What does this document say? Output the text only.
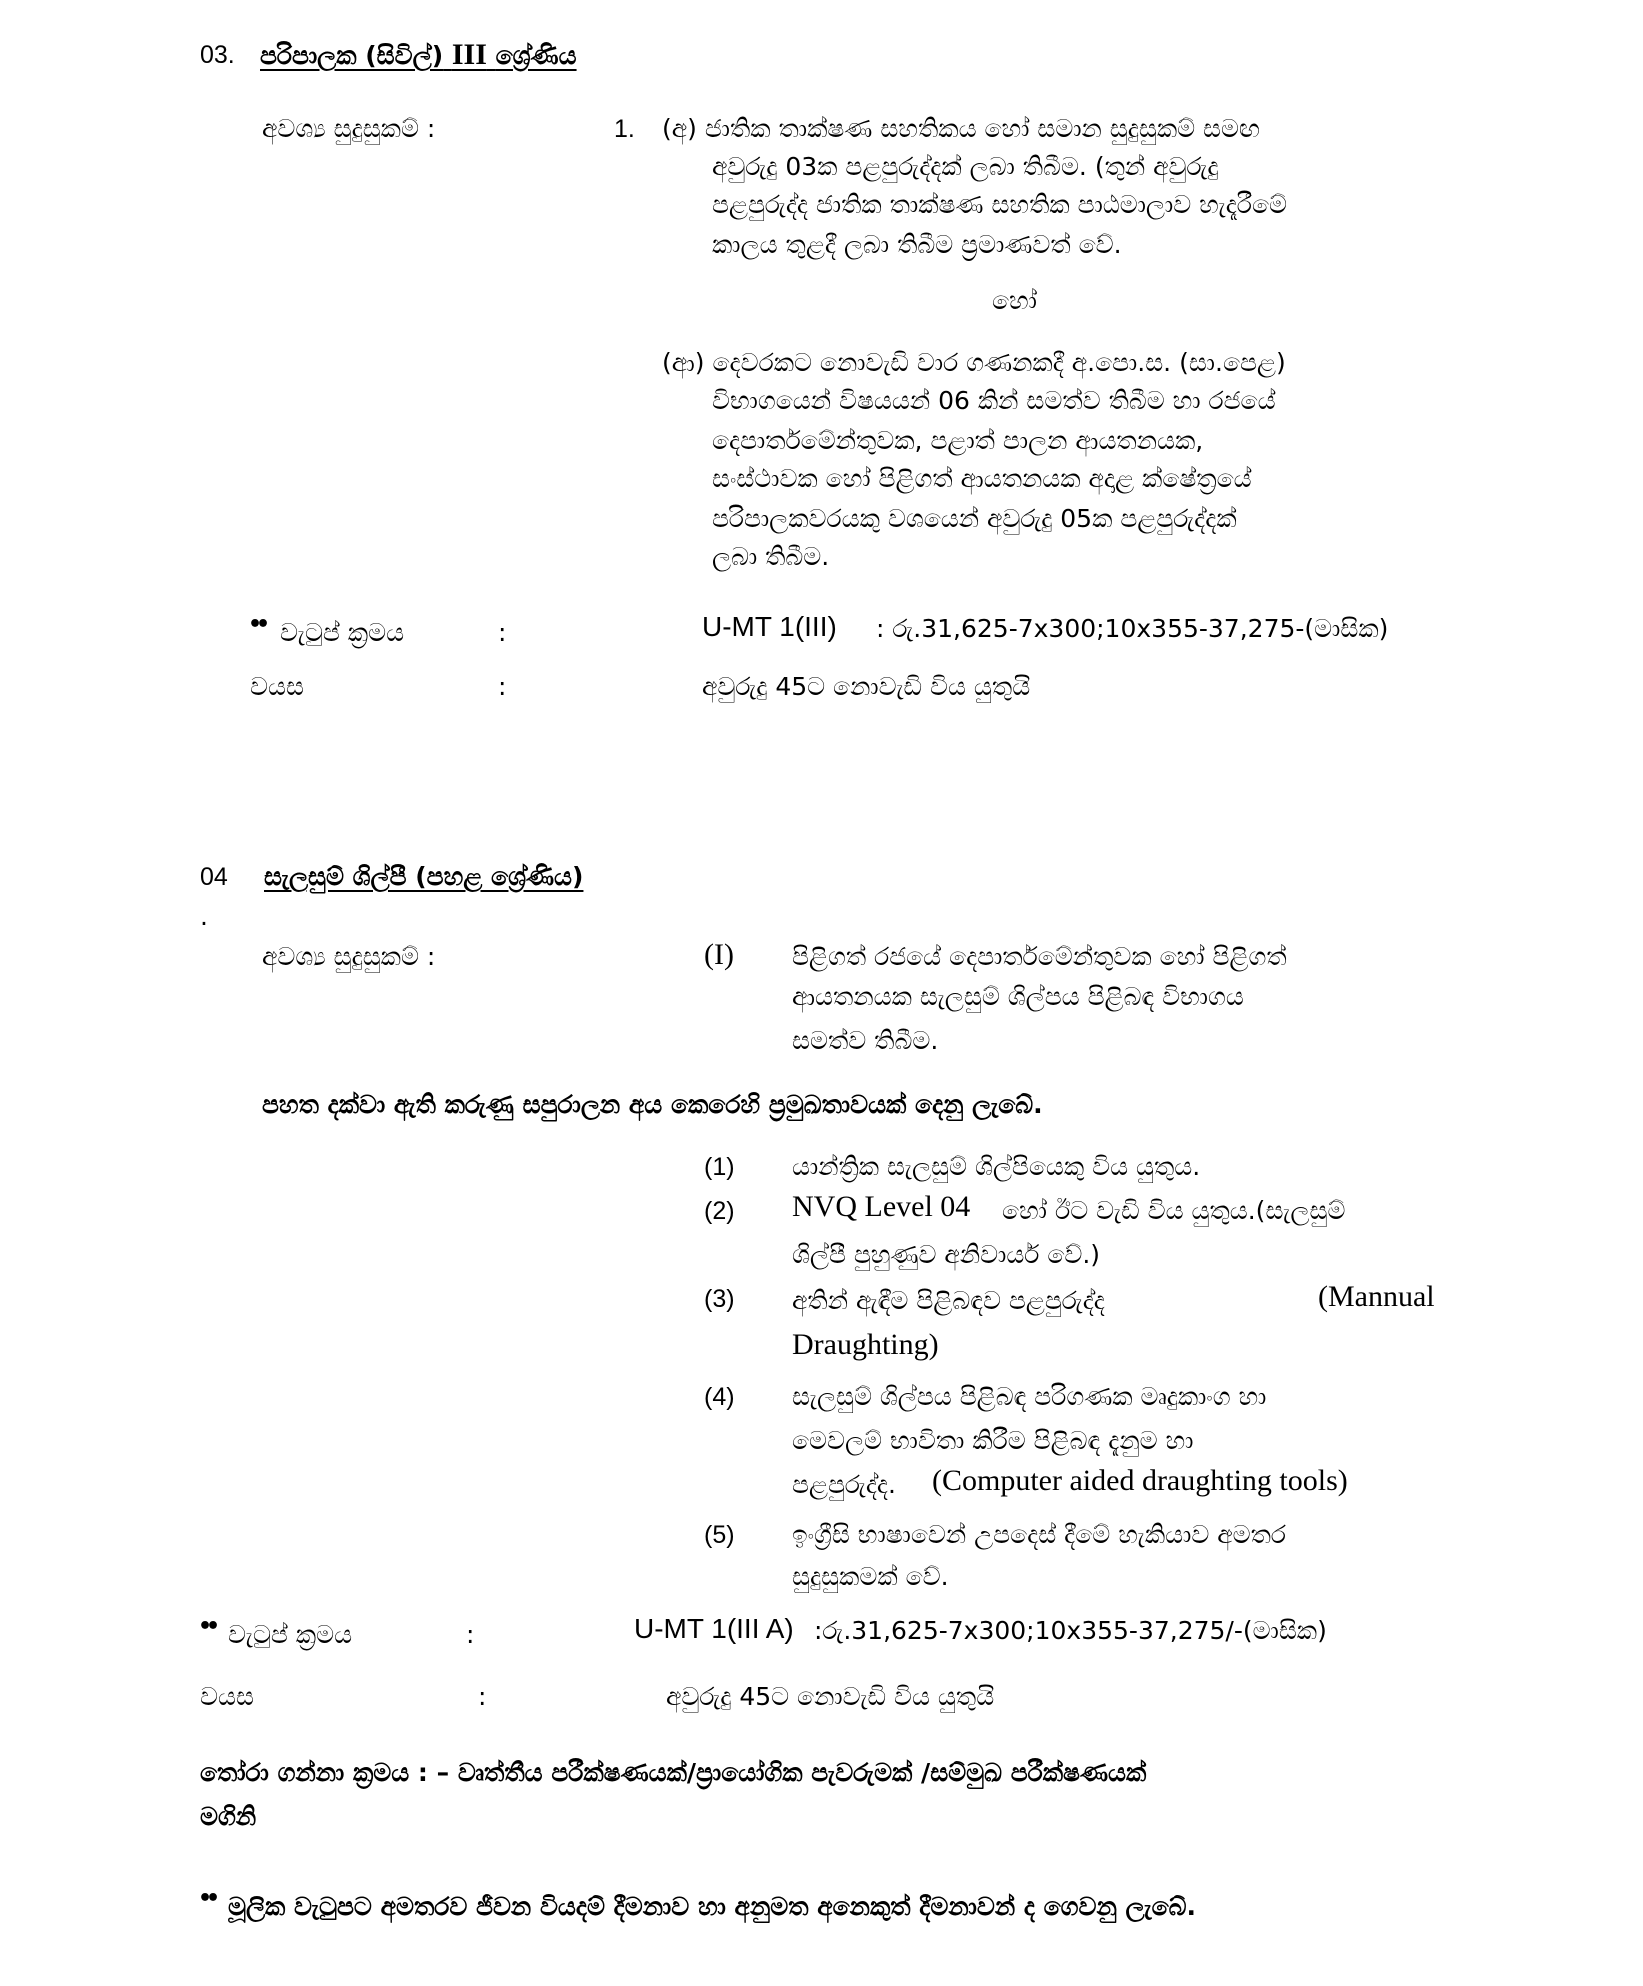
03. පරිපාලක (සිවිල්) III ශ්‍රේණිය
අවශ්‍ය සුදුසුකම් :	1. (අ) ජාතික තාක්ෂණ සහතිකය හෝ සමාන සුදුසුකම් සමඟ
අවුරුදු 03ක පළපුරුද්දක් ලබා තිබීම. (තුන් අවුරුදු
පළපුරුද්ද ජාතික තාක්ෂණ සහතික පාඨමාලාව හැදෑරීමේ
කාලය තුළදී ලබා තිබීම ප්‍රමාණවත් වේ.
හෝ
(ආ) දෙවරකට නොවැඩි වාර ගණනකදී අ.පො.ස. (සා.පෙළ)
විභාගයෙන් විෂයයන් 06 කින් සමත්ව තිබීම හා රජයේ
දෙපාර්තමේන්තුවක, පළාත් පාලන ආයතනයක,
සංස්ථාවක හෝ පිළිගත් ආයතනයක අදාළ ක්ෂේත්‍රයේ
පරිපාලකවරයකු වශයෙන් අවුරුදු 05ක පළපුරුද්දක්
ලබා තිබීම.
•• වැටුප් ක්‍රමය	:	U-MT 1(III) : රු.31,625-7x300;10x355-37,275-(මාසික)
වයස	:	අවුරුදු 45ට නොවැඩි විය යුතුයි
04 සැලසුම් ශිල්පී (පහළ ශ්‍රේණිය)
.
අවශ්‍ය සුදුසුකම් :	(I) පිළිගත් රජයේ දෙපාර්තමේන්තුවක හෝ පිළිගත්
ආයතනයක සැලසුම් ශිල්පය පිළිබඳ විභාගය
සමත්ව තිබීම.
පහත දක්වා ඇති කරුණු සපුරාලන අය කෙරෙහි ප්‍රමුඛතාවයක් දෙනු ලැබේ.
(1) යාන්ත්‍රික සැලසුම් ශිල්පියෙකු විය යුතුය.
(2) NVQ Level 04 හෝ ඊට වැඩි විය යුතුය.(සැලසුම්
ශිල්පී පුහුණුව අනිවාර්ය වේ.)
(3) අතින් ඇඳීම පිළිබඳව පළපුරුද්ද	(Mannual
Draughting)
(4) සැලසුම් ශිල්පය පිළිබඳ පරිගණක මෘදුකාංග හා
මෙවලම් භාවිතා කිරීම පිළිබඳ දැනුම හා
පළපුරුද්ද. (Computer aided draughting tools)
(5) ඉංග්‍රීසි භාෂාවෙන් උපදෙස් දීමේ හැකියාව අමතර
සුදුසුකමක් වේ.
•• වැටුප් ක්‍රමය	:	U-MT 1(III A) :රු.31,625-7x300;10x355-37,275/-(මාසික)
වයස	:	අවුරුදු 45ට නොවැඩි විය යුතුයි
තෝරා ගන්නා ක්‍රමය : – වෘත්තීය පරීක්ෂණයක්/ප්‍රායෝගික පැවරුමක් /සම්මුඛ පරීක්ෂණයක්
මගිනි
•• මූලික වැටුපට අමතරව ජීවන වියදම් දීමනාව හා අනුමත අනෙකුත් දීමනාවන් ද ගෙවනු ලැබේ.
